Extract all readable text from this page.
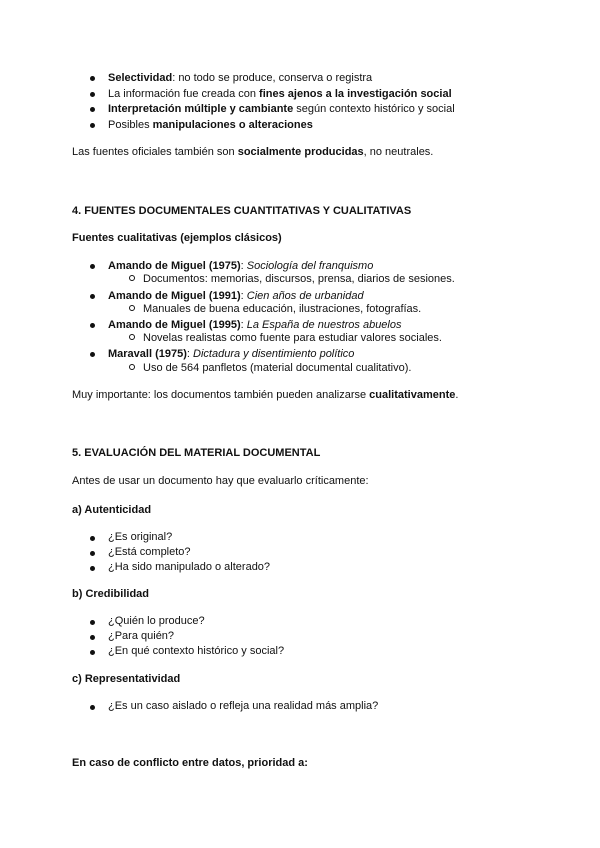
Selectividad: no todo se produce, conserva o registra
La información fue creada con fines ajenos a la investigación social
Interpretación múltiple y cambiante según contexto histórico y social
Posibles manipulaciones o alteraciones
Las fuentes oficiales también son socialmente producidas, no neutrales.
4. FUENTES DOCUMENTALES CUANTITATIVAS Y CUALITATIVAS
Fuentes cualitativas (ejemplos clásicos)
Amando de Miguel (1975): Sociología del franquismo
Documentos: memorias, discursos, prensa, diarios de sesiones.
Amando de Miguel (1991): Cien años de urbanidad
Manuales de buena educación, ilustraciones, fotografías.
Amando de Miguel (1995): La España de nuestros abuelos
Novelas realistas como fuente para estudiar valores sociales.
Maravall (1975): Dictadura y disentimiento político
Uso de 564 panfletos (material documental cualitativo).
Muy importante: los documentos también pueden analizarse cualitativamente.
5. EVALUACIÓN DEL MATERIAL DOCUMENTAL
Antes de usar un documento hay que evaluarlo críticamente:
a) Autenticidad
¿Es original?
¿Está completo?
¿Ha sido manipulado o alterado?
b) Credibilidad
¿Quién lo produce?
¿Para quién?
¿En qué contexto histórico y social?
c) Representatividad
¿Es un caso aislado o refleja una realidad más amplia?
En caso de conflicto entre datos, prioridad a:
